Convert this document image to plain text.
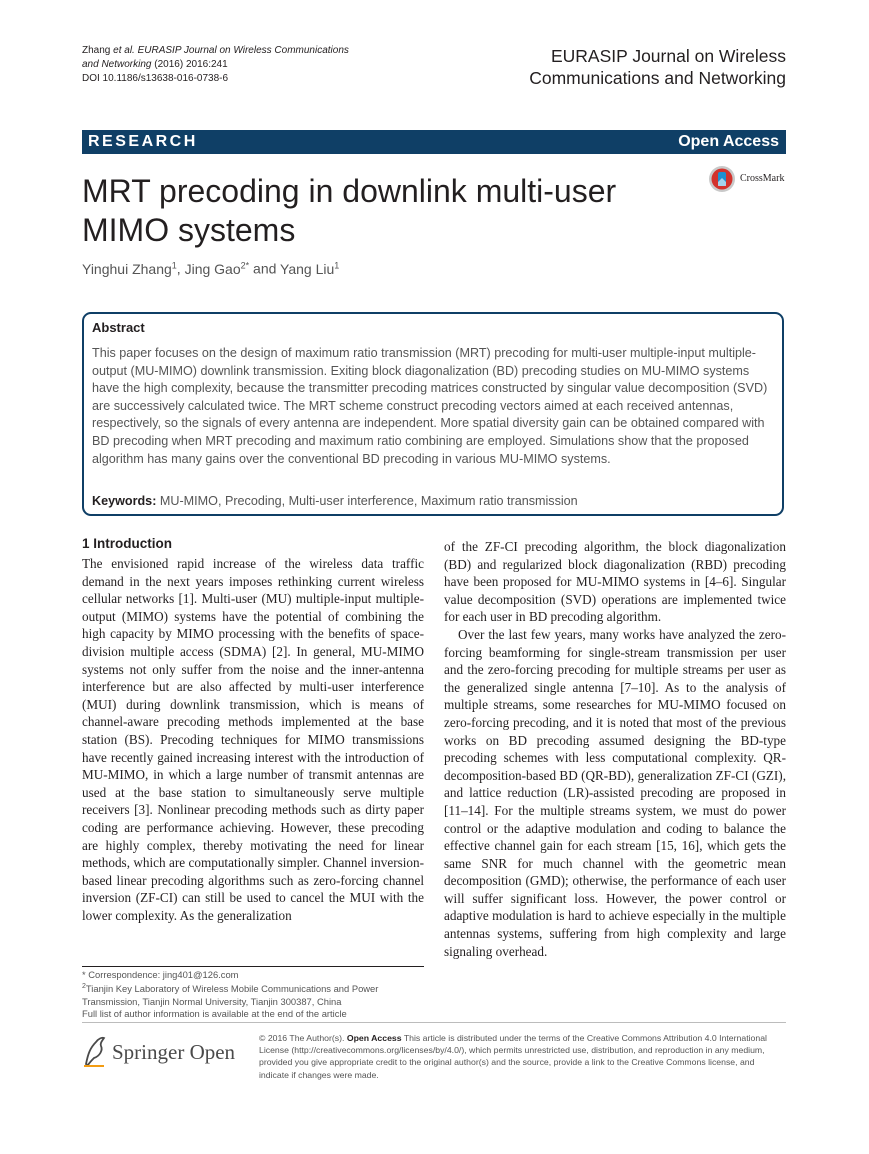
Zhang et al. EURASIP Journal on Wireless Communications
and Networking (2016) 2016:241
DOI 10.1186/s13638-016-0738-6
EURASIP Journal on Wireless
Communications and Networking
RESEARCH	Open Access
MRT precoding in downlink multi-user MIMO systems
CrossMark
Yinghui Zhang$^1$, Jing Gao$^{2*}$ and Yang Liu$^1$
Abstract
This paper focuses on the design of maximum ratio transmission (MRT) precoding for multi-user multiple-input multiple-output (MU-MIMO) downlink transmission. Exiting block diagonalization (BD) precoding studies on MU-MIMO systems have the high complexity, because the transmitter precoding matrices constructed by singular value decomposition (SVD) are successively calculated twice. The MRT scheme construct precoding vectors aimed at each received antennas, respectively, so the signals of every antenna are independent. More spatial diversity gain can be obtained compared with BD precoding when MRT precoding and maximum ratio combining are employed. Simulations show that the proposed algorithm has many gains over the conventional BD precoding in various MU-MIMO systems.
Keywords: MU-MIMO, Precoding, Multi-user interference, Maximum ratio transmission
1 Introduction

The envisioned rapid increase of the wireless data traffic demand in the next years imposes rethinking current wireless cellular networks [1]. Multi-user (MU) multiple-input multiple-output (MIMO) systems have the potential of combining the high capacity by MIMO processing with the benefits of space-division multiple access (SDMA) [2]. In general, MU-MIMO systems not only suffer from the noise and the inner-antenna interference but are also affected by multi-user interference (MUI) during downlink transmission, which is means of channel-aware precoding methods implemented at the base station (BS). Precoding techniques for MIMO transmissions have recently gained increasing interest with the introduction of MU-MIMO, in which a large number of transmit antennas are used at the base station to simultaneously serve multiple receivers [3]. Nonlinear precoding methods such as dirty paper coding are performance achieving. However, these precoding are highly complex, thereby motivating the need for linear methods, which are computationally simpler. Channel inversion-based linear precoding algorithms such as zero-forcing channel inversion (ZF-CI) can still be used to cancel the MUI with the lower complexity. As the generalization

of the ZF-CI precoding algorithm, the block diagonalization (BD) and regularized block diagonalization (RBD) precoding have been proposed for MU-MIMO systems in [4–6]. Singular value decomposition (SVD) operations are implemented twice for each user in BD precoding algorithm.

Over the last few years, many works have analyzed the zero-forcing beamforming for single-stream transmission per user and the zero-forcing precoding for multiple streams per user as the generalized single antenna [7–10]. As to the analysis of multiple streams, some researches for MU-MIMO focused on zero-forcing precoding, and it is noted that most of the previous works on BD precoding assumed designing the BD-type precoding schemes with less computational complexity. QR-decomposition-based BD (QR-BD), generalization ZF-CI (GZI), and lattice reduction (LR)-assisted precoding are proposed in [11–14]. For the multiple streams system, we must do power control or the adaptive modulation and coding to balance the effective channel gain for each stream [15, 16], which gets the same SNR for much channel with the geometric mean decomposition (GMD); otherwise, the performance of each user will suffer significant loss. However, the power control or adaptive modulation is hard to achieve especially in the multiple antennas systems, suffering from high complexity and large signaling overhead.

* Correspondence: jing401@126.com
$^2$Tianjin Key Laboratory of Wireless Mobile Communications and Power Transmission, Tianjin Normal University, Tianjin 300387, China
Full list of author information is available at the end of the article
Springer Open
© 2016 The Author(s). Open Access This article is distributed under the terms of the Creative Commons Attribution 4.0 International License (http://creativecommons.org/licenses/by/4.0/), which permits unrestricted use, distribution, and reproduction in any medium, provided you give appropriate credit to the original author(s) and the source, provide a link to the Creative Commons license, and indicate if changes were made.
